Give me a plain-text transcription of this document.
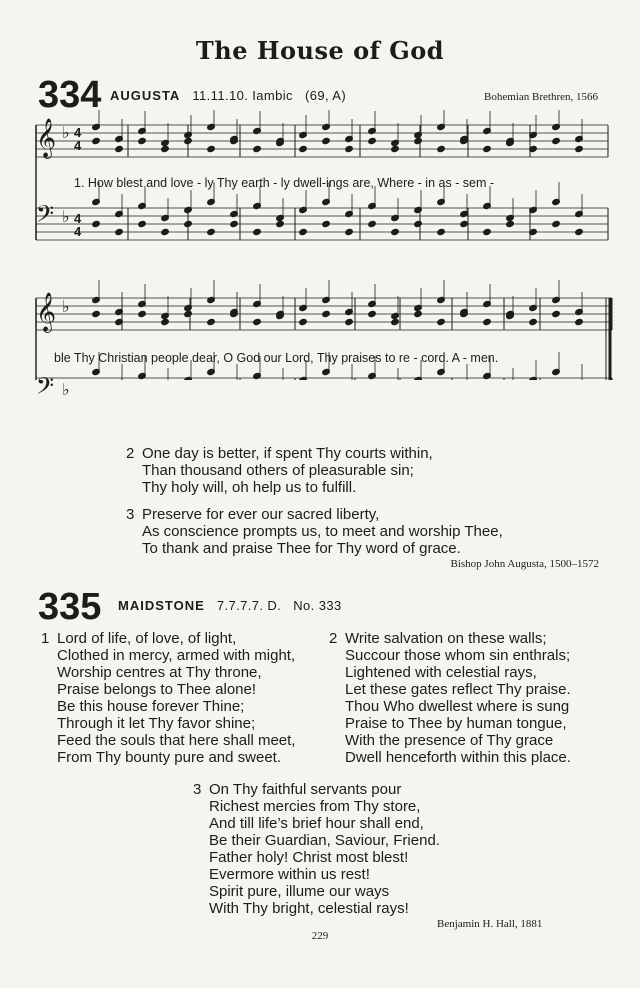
The House of God
334 AUGUSTA 11.11.10. Iambic (69, A)	Bohemian Brethren, 1566
1. How blest and love - ly Thy earth - ly dwell-ings are, Where - in as - sem -
ble Thy Christian people dear, O God our Lord, Thy praises to re - cord. A - men.
𝄞
𝄢
𝄞
𝄢
♭
♭
♭
♭
4
4
4
4
2 One day is better, if spent Thy courts within,
Than thousand others of pleasurable sin;
Thy holy will, oh help us to fulfill.
3 Preserve for ever our sacred liberty,
As conscience prompts us, to meet and worship Thee,
To thank and praise Thee for Thy word of grace.
Bishop John Augusta, 1500–1572
335 MAIDSTONE 7.7.7.7. D. No. 333
1 Lord of life, of love, of light,
Clothed in mercy, armed with might,
Worship centres at Thy throne,
Praise belongs to Thee alone!
Be this house forever Thine;
Through it let Thy favor shine;
Feed the souls that here shall meet,
From Thy bounty pure and sweet.
2 Write salvation on these walls;
Succour those whom sin enthrals;
Lightened with celestial rays,
Let these gates reflect Thy praise.
Thou Who dwellest where is sung
Praise to Thee by human tongue,
With the presence of Thy grace
Dwell henceforth within this place.
3 On Thy faithful servants pour
Richest mercies from Thy store,
And till life’s brief hour shall end,
Be their Guardian, Saviour, Friend.
Father holy! Christ most blest!
Evermore within us rest!
Spirit pure, illume our ways
With Thy bright, celestial rays!
Benjamin H. Hall, 1881
229
